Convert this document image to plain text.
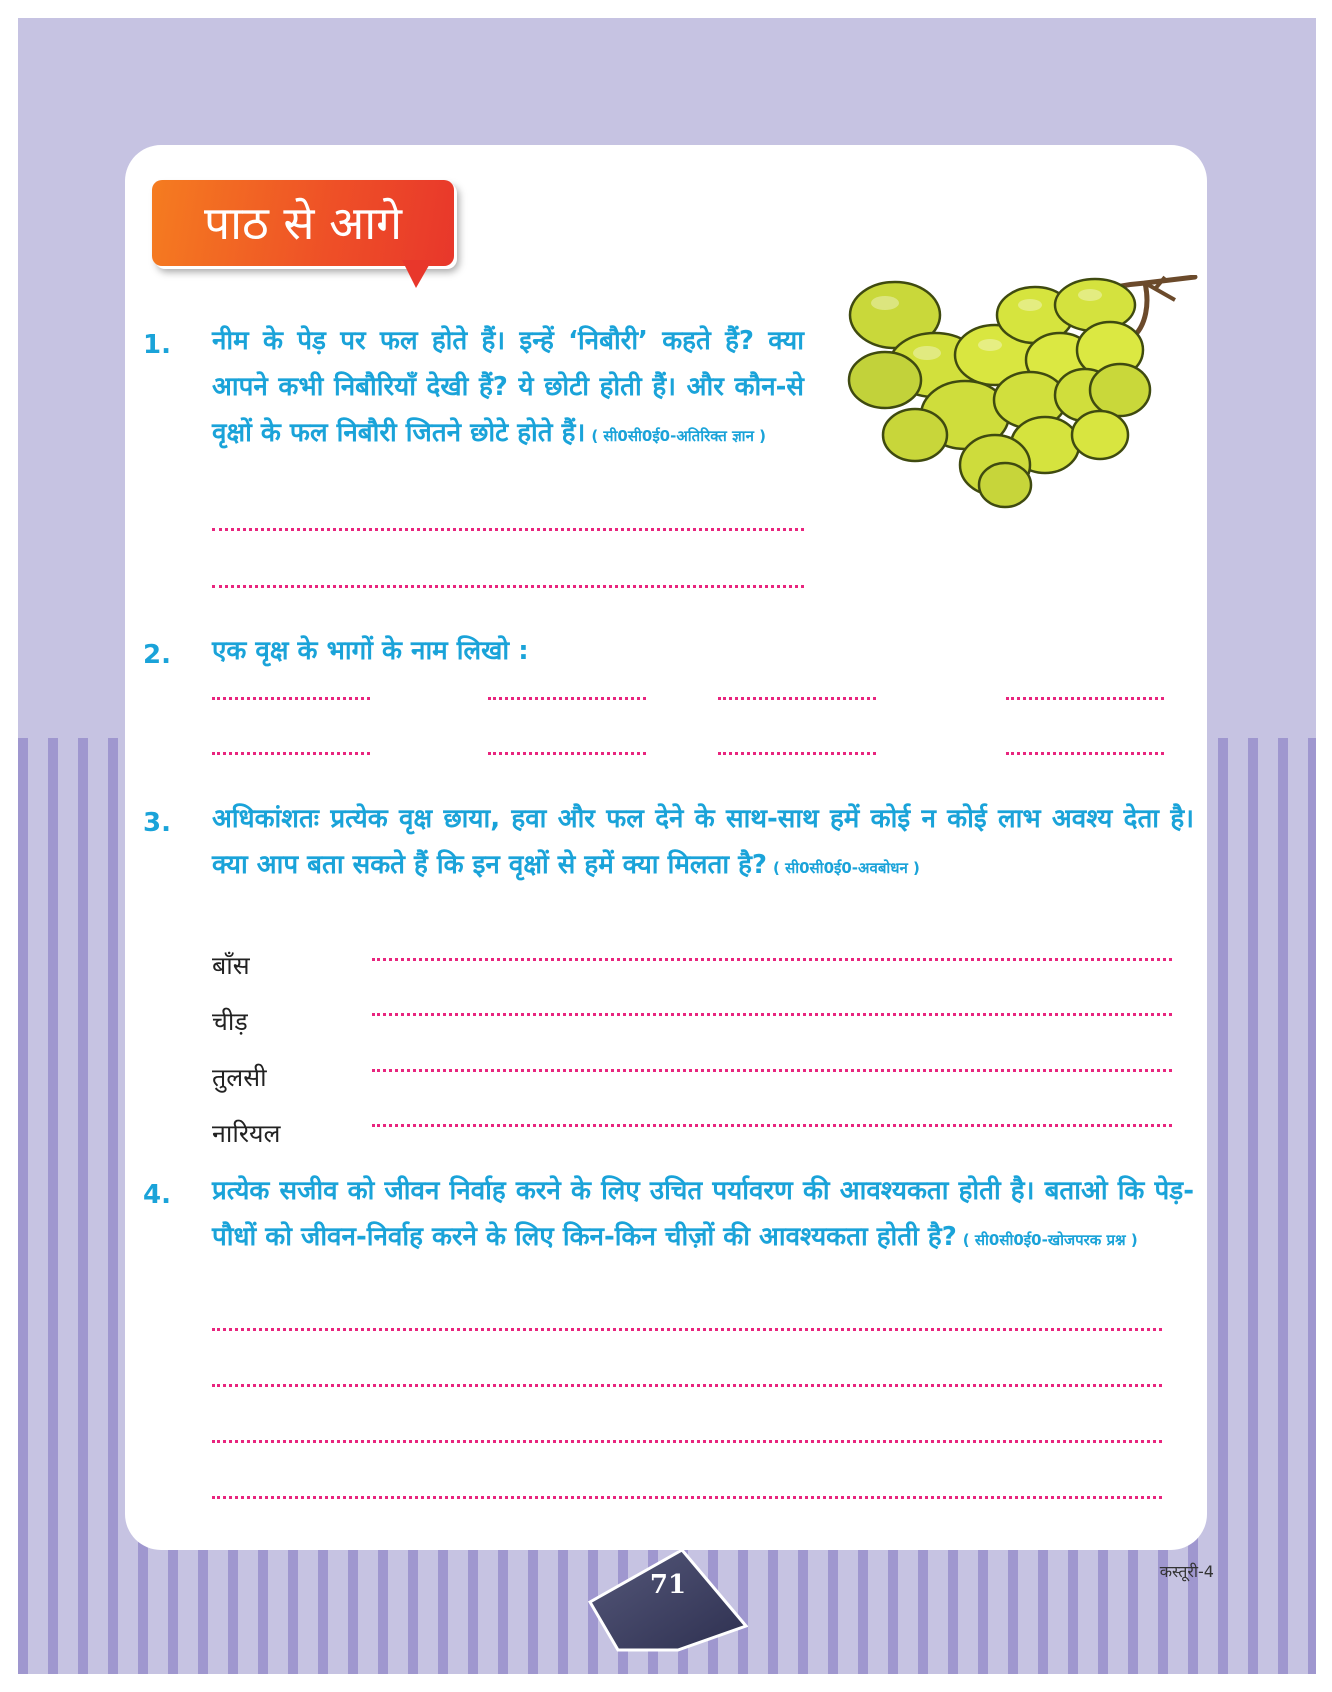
पाठ से आगे
1. नीम के पेड़ पर फल होते हैं। इन्हें ‘निबौरी’ कहते हैं? क्या आपने कभी निबौरियाँ देखी हैं? ये छोटी होती हैं। और कौन-से वृक्षों के फल निबौरी जितने छोटे होते हैं। ( सी0सी0ई0-अतिरिक्त ज्ञान )
2. एक वृक्ष के भागों के नाम लिखो :
3. अधिकांशतः प्रत्येक वृक्ष छाया, हवा और फल देने के साथ-साथ हमें कोई न कोई लाभ अवश्य देता है। क्या आप बता सकते हैं कि इन वृक्षों से हमें क्या मिलता है? ( सी0सी0ई0-अवबोधन )
बाँस
चीड़
तुलसी
नारियल
4. प्रत्येक सजीव को जीवन निर्वाह करने के लिए उचित पर्यावरण की आवश्यकता होती है। बताओ कि पेड़-पौधों को जीवन-निर्वाह करने के लिए किन-किन चीज़ों की आवश्यकता होती है? ( सी0सी0ई0-खोजपरक प्रश्न )
71	कस्तूरी-4
